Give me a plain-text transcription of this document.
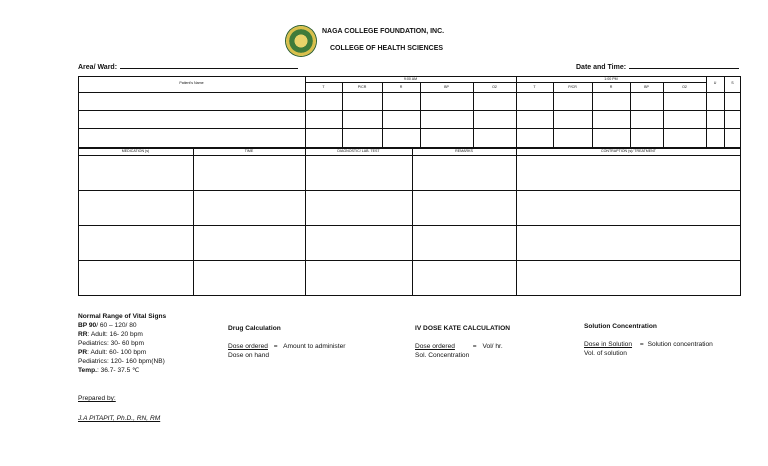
NAGA COLLEGE FOUNDATION, INC.
COLLEGE OF HEALTH SCIENCES
Area/ Ward:	Date and Time:
Patient's Name
9:00 AM	1:00 PM
T	P/CR	R	BP	O2	T	P/CR	R	BP	O2
U	S
MEDICATION (s)	TIME	DIAGNOSTIC/ LAB. TEST	REMARKS	CONTRAPTION (s)/ TREATMENT
Normal Range of Vital Signs
BP 90/ 60 – 120/ 80
RR: Adult: 16- 20 bpm
Pediatrics: 30- 60 bpm
PR: Adult: 60- 100 bpm
Pediatrics: 120- 160 bpm(NB)
Temp.: 36.7- 37.5 ℃
Drug Calculation
Dose ordered = Amount to administer
Dose on hand
IV DOSE KATE CALCULATION
Dose ordered	= Vol/ hr.
Sol. Concentration
Solution Concentration
Dose in Solution = Solution concentration
Vol. of solution
Prepared by:
J.A PITAPIT, Ph.D., RN, RM
